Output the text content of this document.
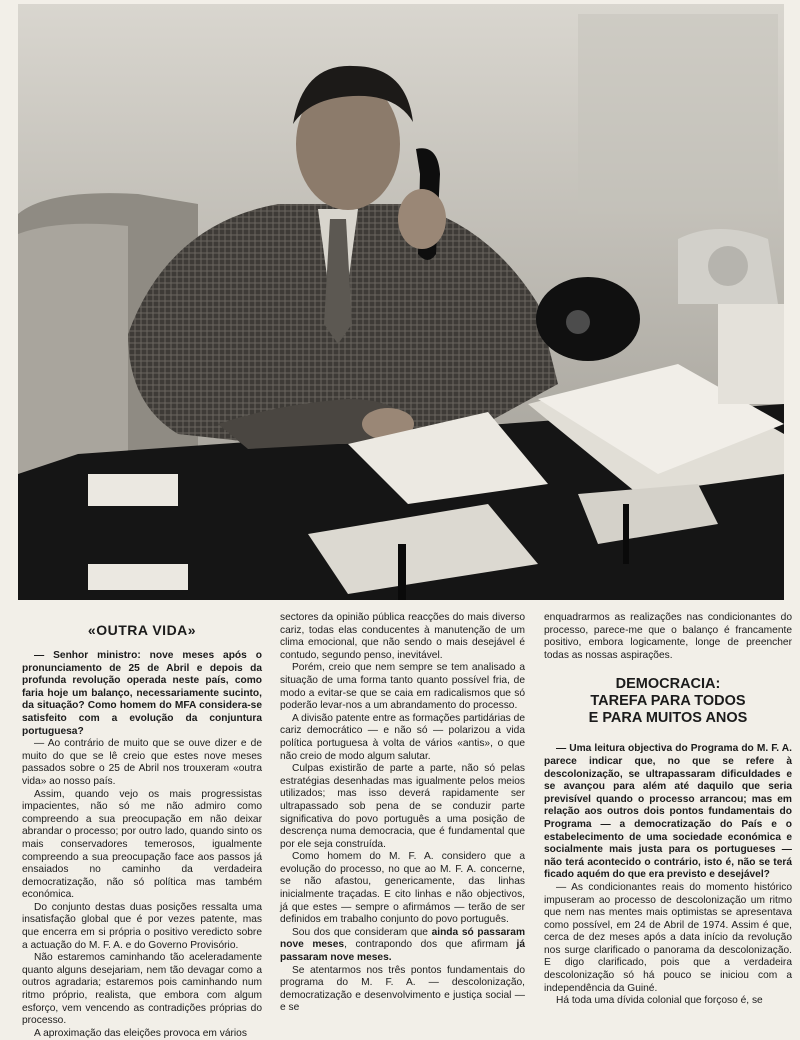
«OUTRA VIDA»

— Senhor ministro: nove meses após o pronunciamento de 25 de Abril e depois da profunda revolução operada neste país, como faria hoje um balanço, necessariamente sucinto, da situação? Como homem do MFA considera-se satisfeito com a evolução da conjuntura portuguesa?

— Ao contrário de muito que se ouve dizer e de muito do que se lê creio que estes nove meses passados sobre o 25 de Abril nos trouxeram «outra vida» ao nosso país.

Assim, quando vejo os mais progressistas impacientes, não só me não admiro como compreendo a sua preocupação em não deixar abrandar o processo; por outro lado, quando sinto os mais conservadores temerosos, igualmente compreendo a sua preocupação face aos passos já ensaiados no caminho da verdadeira democratização, não só política mas também económica.

Do conjunto destas duas posições ressalta uma insatisfação global que é por vezes patente, mas que encerra em si própria o positivo veredicto sobre a actuação do M. F. A. e do Governo Provisório.

Não estaremos caminhando tão aceleradamente quanto alguns desejariam, nem tão devagar como a outros agradaria; estaremos pois caminhando num ritmo próprio, realista, que embora com algum esforço, vem vencendo as contradições próprias do processo.

A aproximação das eleições provoca em vários

sectores da opinião pública reacções do mais diverso cariz, todas elas conducentes à manutenção de um clima emocional, que não sendo o mais desejável é contudo, segundo penso, inevitável.

Porém, creio que nem sempre se tem analisado a situação de uma forma tanto quanto possível fria, de modo a evitar-se que se caia em radicalismos que só poderão levar-nos a um abrandamento do processo.

A divisão patente entre as formações partidárias de cariz democrático — e não só — polarizou a vida política portuguesa à volta de vários «antis», o que não creio de modo algum salutar.

Culpas existirão de parte a parte, não só pelas estratégias desenhadas mas igualmente pelos meios utilizados; mas isso deverá rapidamente ser ultrapassado sob pena de se conduzir parte significativa do povo português a uma posição de descrença numa democracia, que é fundamental que por ele seja construída.

Como homem do M. F. A. considero que a evolução do processo, no que ao M. F. A. concerne, se não afastou, genericamente, das linhas inicialmente traçadas. E cito linhas e não objectivos, já que estes — sempre o afirmámos — terão de ser definidos em trabalho conjunto do povo português.

Sou dos que consideram que ainda só passaram nove meses, contrapondo dos que afirmam já passaram nove meses.

Se atentarmos nos três pontos fundamentais do programa do M. F. A. — descolonização, democratização e desenvolvimento e justiça social — e se

enquadrarmos as realizações nas condicionantes do processo, parece-me que o balanço é francamente positivo, embora logicamente, longe de preencher todas as nossas aspirações.

DEMOCRACIA:
TAREFA PARA TODOS
E PARA MUITOS ANOS

— Uma leitura objectiva do Programa do M. F. A. parece indicar que, no que se refere à descolonização, se ultrapassaram dificuldades e se avançou para além até daquilo que seria previsível quando o processo arrancou; mas em relação aos outros dois pontos fundamentais do Programa — a democratização do País e o estabelecimento de uma sociedade económica e socialmente mais justa para os portugueses — não terá acontecido o contrário, isto é, não se terá ficado aquém do que era previsto e desejável?

— As condicionantes reais do momento histórico impuseram ao processo de descolonização um ritmo que nem nas mentes mais optimistas se apresentava como possível, em 24 de Abril de 1974. Assim é que, cerca de dez meses após a data início da revolução nos surge clarificado o panorama da descolonização. E digo clarificado, pois que a verdadeira descolonização só há pouco se iniciou com a independência da Guiné.

Há toda uma dívida colonial que forçoso é, se
